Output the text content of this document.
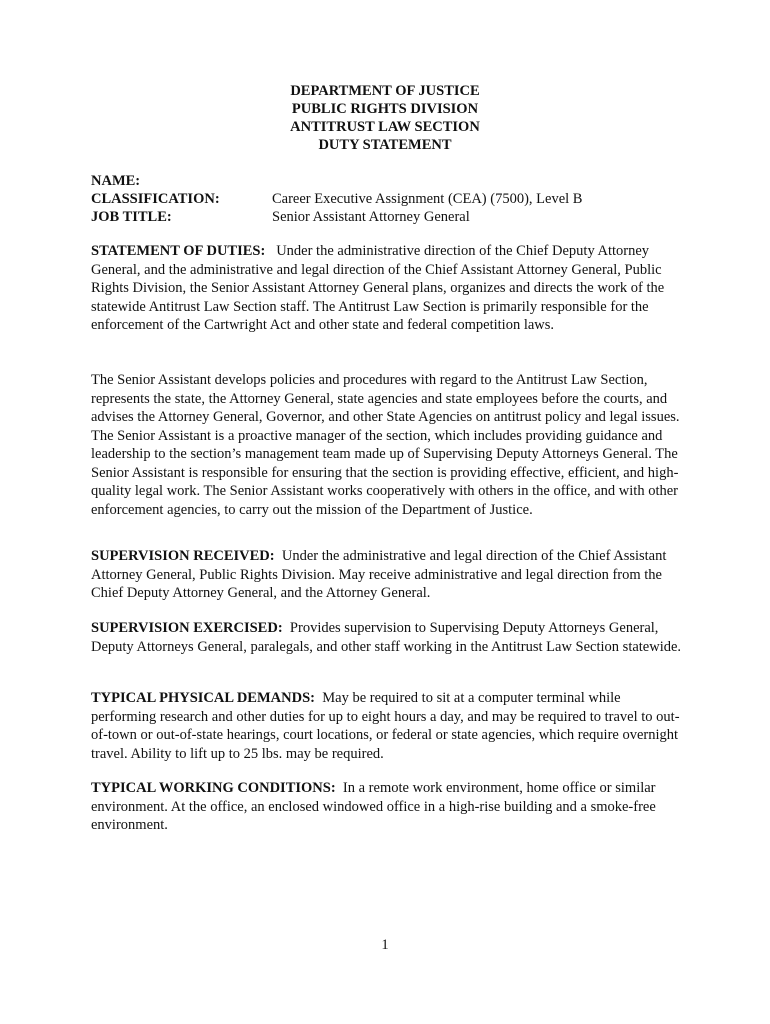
DEPARTMENT OF JUSTICE
PUBLIC RIGHTS DIVISION
ANTITRUST LAW SECTION
DUTY STATEMENT
NAME:
CLASSIFICATION:	Career Executive Assignment (CEA) (7500), Level B
JOB TITLE:	Senior Assistant Attorney General

STATEMENT OF DUTIES: Under the administrative direction of the Chief Deputy Attorney General, and the administrative and legal direction of the Chief Assistant Attorney General, Public Rights Division, the Senior Assistant Attorney General plans, organizes and directs the work of the statewide Antitrust Law Section staff. The Antitrust Law Section is primarily responsible for the enforcement of the Cartwright Act and other state and federal competition laws.

The Senior Assistant develops policies and procedures with regard to the Antitrust Law Section, represents the state, the Attorney General, state agencies and state employees before the courts, and advises the Attorney General, Governor, and other State Agencies on antitrust policy and legal issues. The Senior Assistant is a proactive manager of the section, which includes providing guidance and leadership to the section’s management team made up of Supervising Deputy Attorneys General. The Senior Assistant is responsible for ensuring that the section is providing effective, efficient, and high-quality legal work. The Senior Assistant works cooperatively with others in the office, and with other enforcement agencies, to carry out the mission of the Department of Justice.

SUPERVISION RECEIVED: Under the administrative and legal direction of the Chief Assistant Attorney General, Public Rights Division. May receive administrative and legal direction from the Chief Deputy Attorney General, and the Attorney General.

SUPERVISION EXERCISED: Provides supervision to Supervising Deputy Attorneys General, Deputy Attorneys General, paralegals, and other staff working in the Antitrust Law Section statewide.

TYPICAL PHYSICAL DEMANDS: May be required to sit at a computer terminal while performing research and other duties for up to eight hours a day, and may be required to travel to out-of-town or out-of-state hearings, court locations, or federal or state agencies, which require overnight travel. Ability to lift up to 25 lbs. may be required.

TYPICAL WORKING CONDITIONS: In a remote work environment, home office or similar environment. At the office, an enclosed windowed office in a high-rise building and a smoke-free environment.

1
